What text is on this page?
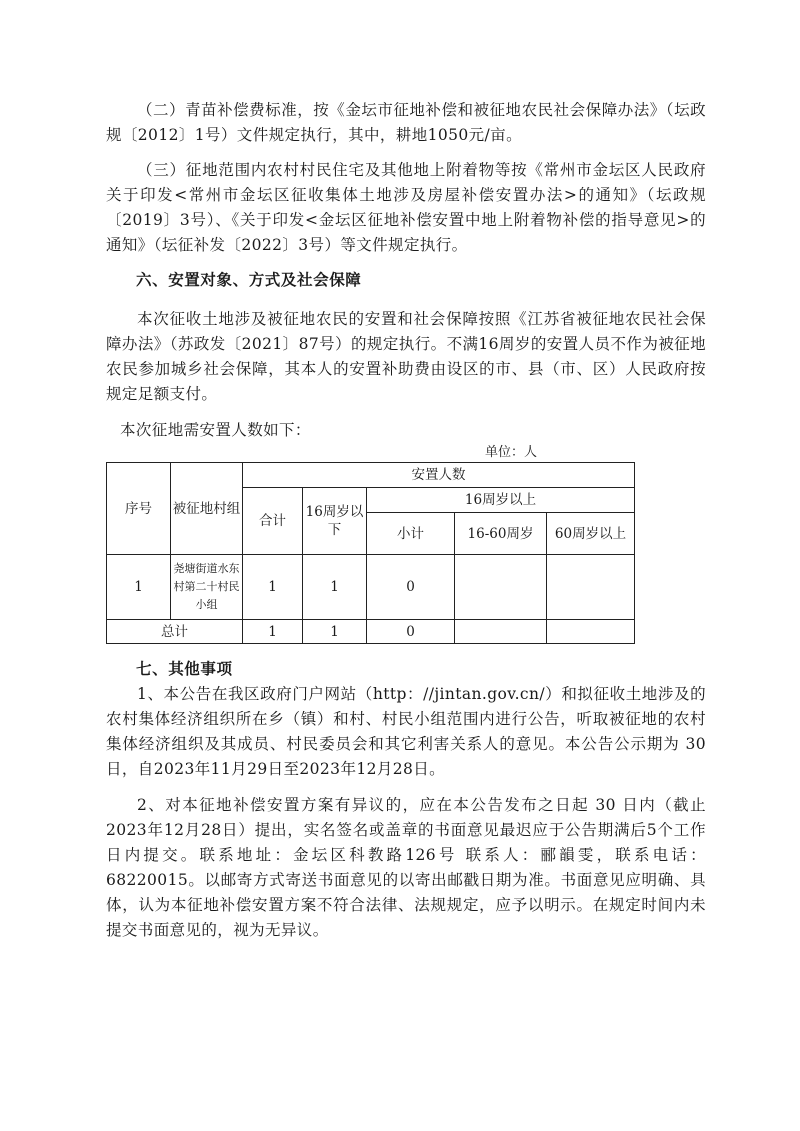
（二）青苗补偿费标准，按《金坛市征地补偿和被征地农民社会保障办法》（坛政规〔2012〕1号）文件规定执行，其中，耕地1050元/亩。
（三）征地范围内农村村民住宅及其他地上附着物等按《常州市金坛区人民政府关于印发<常州市金坛区征收集体土地涉及房屋补偿安置办法>的通知》（坛政规〔2019〕3号）、《关于印发<金坛区征地补偿安置中地上附着物补偿的指导意见>的通知》（坛征补发〔2022〕3号）等文件规定执行。
六、安置对象、方式及社会保障
本次征收土地涉及被征地农民的安置和社会保障按照《江苏省被征地农民社会保障办法》（苏政发〔2021〕87号）的规定执行。不满16周岁的安置人员不作为被征地农民参加城乡社会保障，其本人的安置补助费由设区的市、县（市、区）人民政府按规定足额支付。
本次征地需安置人数如下：
单位：人
序号	被征地村组	安置人数				
		合计	16周岁以下	16周岁以上		
				小计	16-60周岁	60周岁以上
1	尧塘街道水东村第二十村民小组	1	1	0		
总计		1	1	0		
七、其他事项
1、本公告在我区政府门户网站（http：//jintan.gov.cn/）和拟征收土地涉及的农村集体经济组织所在乡（镇）和村、村民小组范围内进行公告，听取被征地的农村集体经济组织及其成员、村民委员会和其它利害关系人的意见。本公告公示期为 30 日，自2023年11月29日至2023年12月28日。
2、对本征地补偿安置方案有异议的，应在本公告发布之日起 30 日内（截止2023年12月28日）提出，实名签名或盖章的书面意见最迟应于公告期满后5个工作日内提交。联系地址：金坛区科教路126号 联系人：郦韻雯，联系电话：68220015。以邮寄方式寄送书面意见的以寄出邮戳日期为准。书面意见应明确、具体，认为本征地补偿安置方案不符合法律、法规规定，应予以明示。在规定时间内未提交书面意见的，视为无异议。
